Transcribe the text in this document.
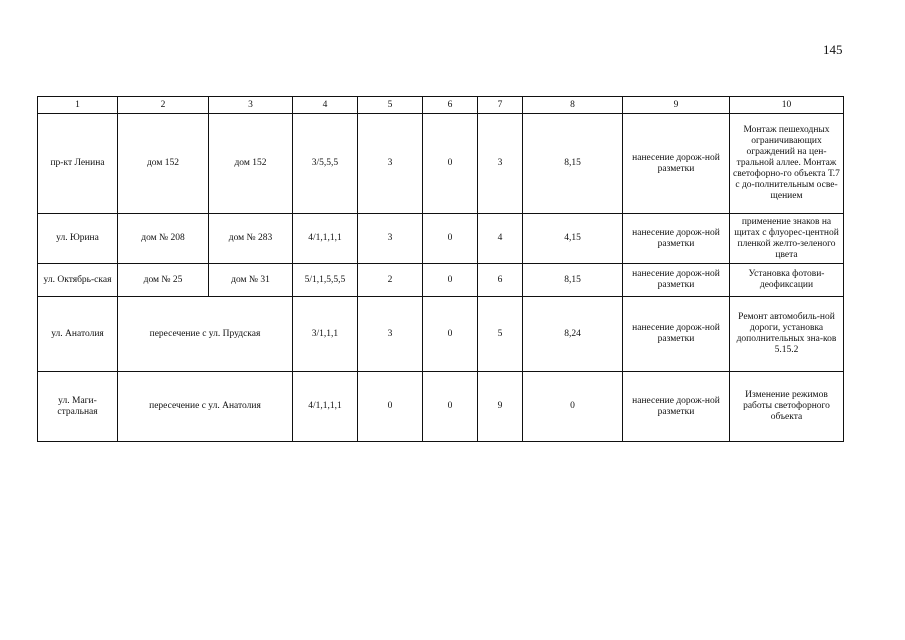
145
1	2	3	4	5	6	7	8	9	10
пр-кт Ленина	дом 152	дом 152	3/5,5,5	3	0	3	8,15	нанесение дорож-ной разметки	Монтаж пешеходных ограничивающих ограждений на цен-тральной аллее. Монтаж светофорно-го объекта Т.7 с до-полнительным осве-щением
ул. Юрина	дом № 208	дом № 283	4/1,1,1,1	3	0	4	4,15	нанесение дорож-ной разметки	применение знаков на щитах с флуорес-центной пленкой желто-зеленого цвета
ул. Октябрь-ская	дом № 25	дом № 31	5/1,1,5,5,5	2	0	6	8,15	нанесение дорож-ной разметки	Установка фотови-деофиксации
ул. Анатолия	пересечение с ул. Прудская		3/1,1,1	3	0	5	8,24	нанесение дорож-ной разметки	Ремонт автомобиль-ной дороги, установка дополнительных зна-ков 5.15.2
ул. Маги-стральная	пересечение с ул. Анатолия		4/1,1,1,1	0	0	9	0	нанесение дорож-ной разметки	Изменение режимов работы светофорного объекта
